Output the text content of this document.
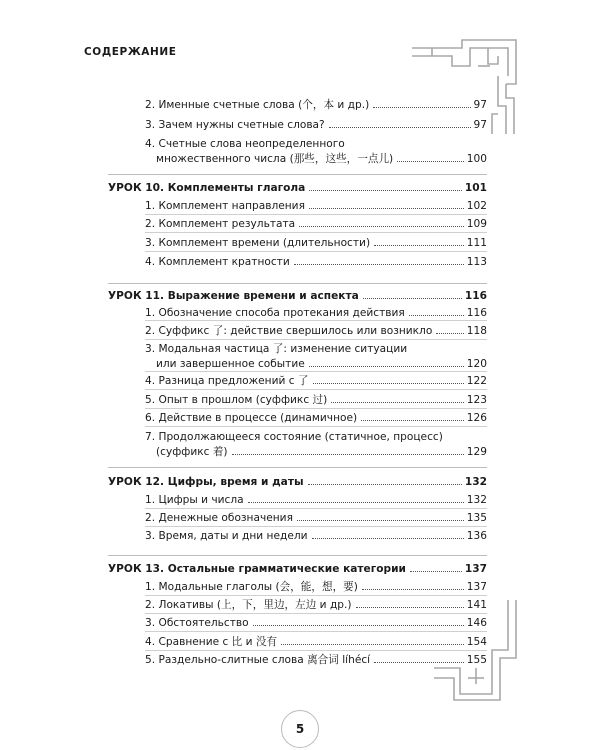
СОДЕРЖАНИЕ
2. Именные счетные слова (个，本 и др.)	97
3. Зачем нужны счетные слова?	97
4. Счетные слова неопределенного
множественного числа (那些，这些，一点儿)	100
УРОК 10. Комплементы глагола	101
1. Комплемент направления	102
2. Комплемент результата	109
3. Комплемент времени (длительности)	111
4. Комплемент кратности	113
УРОК 11. Выражение времени и аспекта	116
1. Обозначение способа протекания действия	116
2. Суффикс 了: действие свершилось или возникло	118
3. Модальная частица 了: изменение ситуации
или завершенное событие	120
4. Разница предложений с 了	122
5. Опыт в прошлом (суффикс 过)	123
6. Действие в процессе (динамичное)	126
7. Продолжающееся состояние (статичное, процесс)
(суффикс 着)	129
УРОК 12. Цифры, время и даты	132
1. Цифры и числа	132
2. Денежные обозначения	135
3. Время, даты и дни недели	136
УРОК 13. Остальные грамматические категории	137
1. Модальные глаголы (会，能，想，要)	137
2. Локативы (上，下，里边，左边 и др.)	141
3. Обстоятельство	146
4. Сравнение с 比 и 没有	154
5. Раздельно-слитные слова 离合词 líhécí	155
5
